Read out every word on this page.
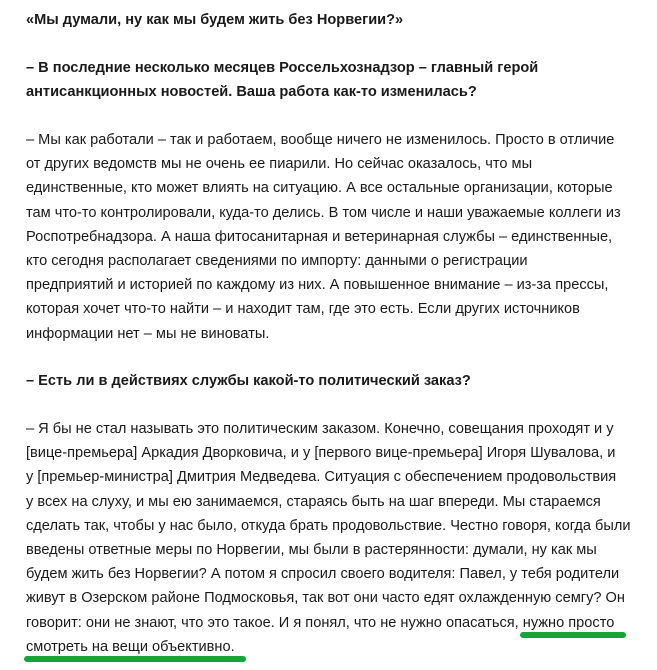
«Мы думали, ну как мы будем жить без Норвегии?»

– В последние несколько месяцев Россельхознадзор – главный герой
антисанкционных новостей. Ваша работа как-то изменилась?
– Мы как работали – так и работаем, вообще ничего не изменилось. Просто в отличие
от других ведомств мы не очень ее пиарили. Но сейчас оказалось, что мы
единственные, кто может влиять на ситуацию. А все остальные организации, которые
там что-то контролировали, куда-то делись. В том числе и наши уважаемые коллеги из
Роспотребнадзора. А наша фитосанитарная и ветеринарная службы – единственные,
кто сегодня располагает сведениями по импорту: данными о регистрации
предприятий и историей по каждому из них. А повышенное внимание – из-за прессы,
которая хочет что-то найти – и находит там, где это есть. Если других источников
информации нет – мы не виноваты.
– Есть ли в действиях службы какой-то политический заказ?
– Я бы не стал называть это политическим заказом. Конечно, совещания проходят и у
[вице-премьера] Аркадия Дворковича, и у [первого вице-премьера] Игоря Шувалова, и
у [премьер-министра] Дмитрия Медведева. Ситуация с обеспечением продовольствия
у всех на слуху, и мы ею занимаемся, стараясь быть на шаг впереди. Мы стараемся
сделать так, чтобы у нас было, откуда брать продовольствие. Честно говоря, когда были
введены ответные меры по Норвегии, мы были в растерянности: думали, ну как мы
будем жить без Норвегии? А потом я спросил своего водителя: Павел, у тебя родители
живут в Озерском районе Подмосковья, так вот они часто едят охлажденную семгу? Он
говорит: они не знают, что это такое. И я понял, что не нужно опасаться, нужно просто
смотреть на вещи объективно.
